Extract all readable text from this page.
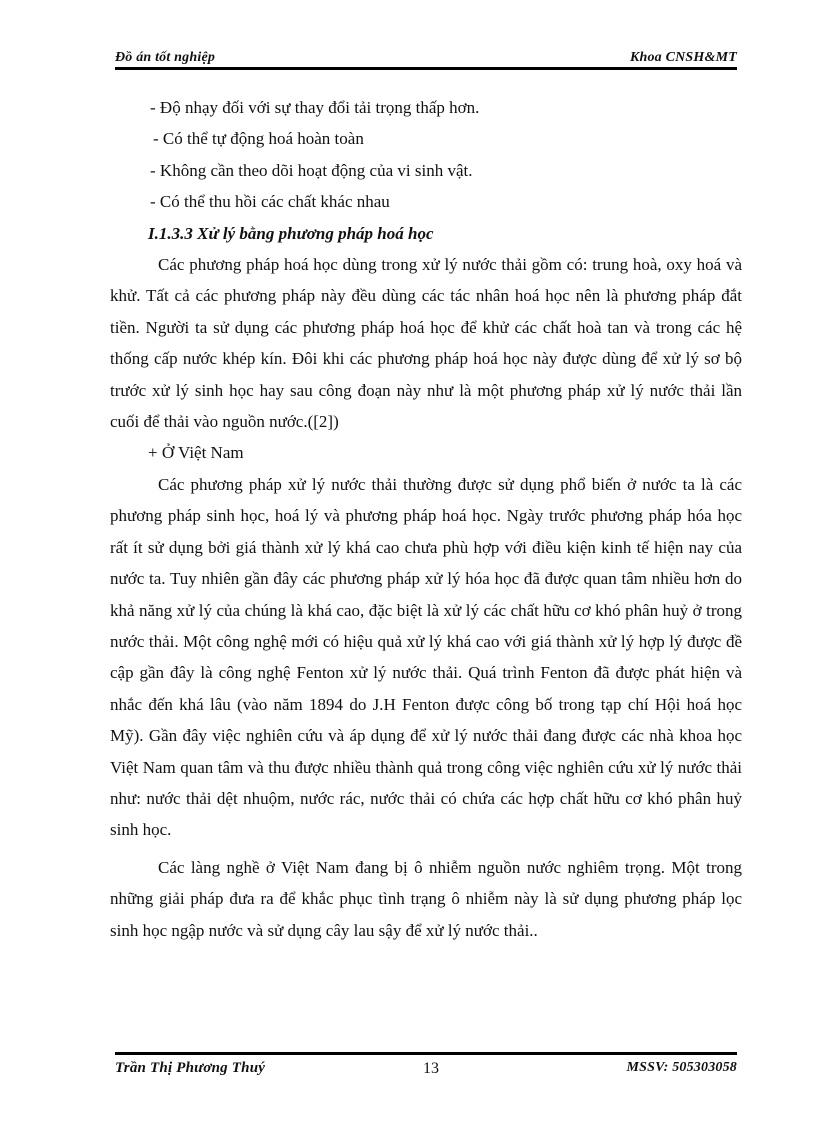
Đồ án tốt nghiệp	Khoa CNSH&MT

- Độ nhạy đối với sự thay đổi tải trọng thấp hơn.

- Có thể tự động hoá hoàn toàn

- Không cần theo dõi hoạt động của vi sinh vật.

- Có thể thu hồi các chất khác nhau

I.1.3.3 Xử lý bằng phương pháp hoá học

Các phương pháp hoá học dùng trong xử lý nước thải gồm có: trung hoà, oxy hoá và khử. Tất cả các phương pháp này đều dùng các tác nhân hoá học nên là phương pháp đắt tiền. Người ta sử dụng các phương pháp hoá học để khử các chất hoà tan và trong các hệ thống cấp nước khép kín. Đôi khi các phương pháp hoá học này được dùng để xử lý sơ bộ trước xử lý sinh học hay sau công đoạn này như là một phương pháp xử lý nước thải lần cuối để thải vào nguồn nước.([2])

+ Ở Việt Nam

Các phương pháp xử lý nước thải thường được sử dụng phổ biến ở nước ta là các phương pháp sinh học, hoá lý và phương pháp hoá học. Ngày trước phương pháp hóa học rất ít sử dụng bởi giá thành xử lý khá cao chưa phù hợp với điều kiện kinh tế hiện nay của nước ta. Tuy nhiên gần đây các phương pháp xử lý hóa học đã được quan tâm nhiều hơn do khả năng xử lý của chúng là khá cao, đặc biệt là xử lý các chất hữu cơ khó phân huỷ ở trong nước thải. Một công nghệ mới có hiệu quả xử lý khá cao với giá thành xử lý hợp lý được đề cập gần đây là công nghệ Fenton xử lý nước thải. Quá trình Fenton đã được phát hiện và nhắc đến khá lâu (vào năm 1894 do J.H Fenton được công bố trong tạp chí Hội hoá học Mỹ). Gần đây việc nghiên cứu và áp dụng để xử lý nước thải đang được các nhà khoa học Việt Nam quan tâm và thu được nhiều thành quả trong công việc nghiên cứu xử lý nước thải như: nước thải dệt nhuộm, nước rác, nước thải có chứa các hợp chất hữu cơ khó phân huỷ sinh học.

Các làng nghề ở Việt Nam đang bị ô nhiễm nguồn nước nghiêm trọng. Một trong những giải pháp đưa ra để khắc phục tình trạng ô nhiễm này là sử dụng phương pháp lọc sinh học ngập nước và sử dụng cây lau sậy để xử lý nước thải..

Trần Thị Phương Thuý	13	MSSV: 505303058
